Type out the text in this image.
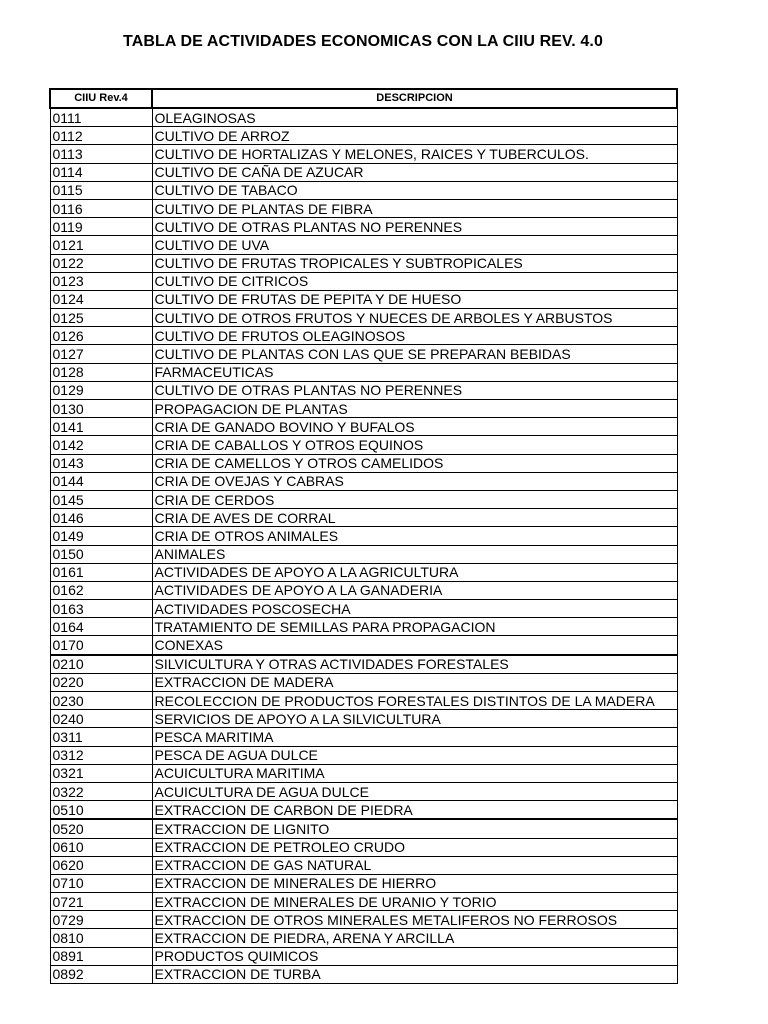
TABLA DE ACTIVIDADES ECONOMICAS CON LA CIIU REV. 4.0
CIIU Rev.4	DESCRIPCION
0111	OLEAGINOSAS
0112	CULTIVO DE ARROZ
0113	CULTIVO DE HORTALIZAS Y MELONES, RAICES Y TUBERCULOS.
0114	CULTIVO DE CAÑA DE AZUCAR
0115	CULTIVO DE TABACO
0116	CULTIVO DE PLANTAS DE FIBRA
0119	CULTIVO DE OTRAS PLANTAS NO PERENNES
0121	CULTIVO DE UVA
0122	CULTIVO DE FRUTAS TROPICALES Y SUBTROPICALES
0123	CULTIVO DE CITRICOS
0124	CULTIVO DE FRUTAS DE PEPITA Y DE HUESO
0125	CULTIVO DE OTROS FRUTOS Y NUECES DE ARBOLES Y ARBUSTOS
0126	CULTIVO DE FRUTOS OLEAGINOSOS
0127	CULTIVO DE PLANTAS CON LAS QUE SE PREPARAN BEBIDAS
0128	FARMACEUTICAS
0129	CULTIVO DE OTRAS PLANTAS NO PERENNES
0130	PROPAGACION DE PLANTAS
0141	CRIA DE GANADO BOVINO Y BUFALOS
0142	CRIA DE CABALLOS Y OTROS EQUINOS
0143	CRIA DE CAMELLOS Y OTROS CAMELIDOS
0144	CRIA DE OVEJAS Y CABRAS
0145	CRIA DE CERDOS
0146	CRIA DE AVES DE CORRAL
0149	CRIA DE OTROS ANIMALES
0150	ANIMALES
0161	ACTIVIDADES DE APOYO A LA AGRICULTURA
0162	ACTIVIDADES DE APOYO A LA GANADERIA
0163	ACTIVIDADES POSCOSECHA
0164	TRATAMIENTO DE SEMILLAS PARA PROPAGACION
0170	CONEXAS
0210	SILVICULTURA Y OTRAS ACTIVIDADES FORESTALES
0220	EXTRACCION DE MADERA
0230	RECOLECCION DE PRODUCTOS FORESTALES DISTINTOS DE LA MADERA
0240	SERVICIOS DE APOYO A LA SILVICULTURA
0311	PESCA MARITIMA
0312	PESCA DE AGUA DULCE
0321	ACUICULTURA MARITIMA
0322	ACUICULTURA DE AGUA DULCE
0510	EXTRACCION DE CARBON DE PIEDRA
0520	EXTRACCION DE LIGNITO
0610	EXTRACCION DE PETROLEO CRUDO
0620	EXTRACCION DE GAS NATURAL
0710	EXTRACCION DE MINERALES DE HIERRO
0721	EXTRACCION DE MINERALES DE URANIO Y TORIO
0729	EXTRACCION DE OTROS MINERALES METALIFEROS NO FERROSOS
0810	EXTRACCION DE PIEDRA, ARENA Y ARCILLA
0891	PRODUCTOS QUIMICOS
0892	EXTRACCION DE TURBA
